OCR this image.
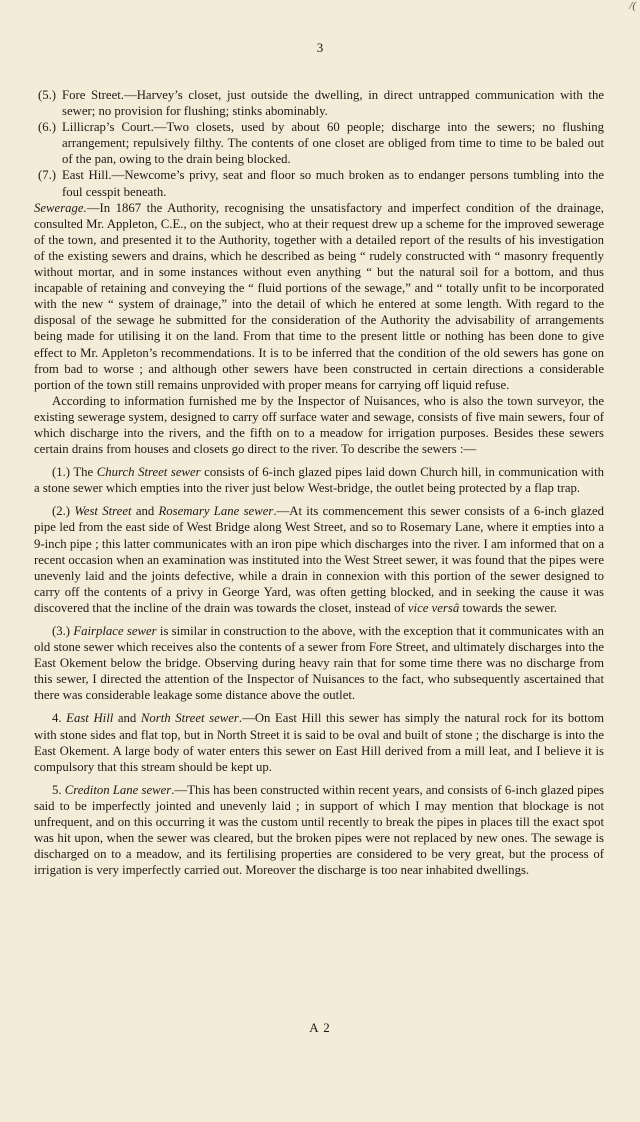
/(
3

(5.) Fore Street.—Harvey’s closet, just outside the dwelling, in direct untrapped communication with the sewer; no provision for flushing; stinks abominably.

(6.) Lillicrap’s Court.—Two closets, used by about 60 people; discharge into the sewers; no flushing arrangement; repulsively filthy. The contents of one closet are obliged from time to time to be baled out of the pan, owing to the drain being blocked.

(7.) East Hill.—Newcome’s privy, seat and floor so much broken as to endanger persons tumbling into the foul cesspit beneath.

Sewerage.—In 1867 the Authority, recognising the unsatisfactory and imperfect condition of the drainage, consulted Mr. Appleton, C.E., on the subject, who at their request drew up a scheme for the improved sewerage of the town, and presented it to the Authority, together with a detailed report of the results of his investigation of the existing sewers and drains, which he described as being “ rudely constructed with “ masonry frequently without mortar, and in some instances without even anything “ but the natural soil for a bottom, and thus incapable of retaining and conveying the “ fluid portions of the sewage,” and “ totally unfit to be incorporated with the new “ system of drainage,” into the detail of which he entered at some length. With regard to the disposal of the sewage he submitted for the consideration of the Authority the advisability of arrangements being made for utilising it on the land. From that time to the present little or nothing has been done to give effect to Mr. Appleton’s recommendations. It is to be inferred that the condition of the old sewers has gone on from bad to worse ; and although other sewers have been constructed in certain directions a considerable portion of the town still remains unprovided with proper means for carrying off liquid refuse.

According to information furnished me by the Inspector of Nuisances, who is also the town surveyor, the existing sewerage system, designed to carry off surface water and sewage, consists of five main sewers, four of which discharge into the rivers, and the fifth on to a meadow for irrigation purposes. Besides these sewers certain drains from houses and closets go direct to the river. To describe the sewers :—

(1.) The Church Street sewer consists of 6-inch glazed pipes laid down Church hill, in communication with a stone sewer which empties into the river just below West-bridge, the outlet being protected by a flap trap.

(2.) West Street and Rosemary Lane sewer.—At its commencement this sewer consists of a 6-inch glazed pipe led from the east side of West Bridge along West Street, and so to Rosemary Lane, where it empties into a 9-inch pipe ; this latter communicates with an iron pipe which discharges into the river. I am informed that on a recent occasion when an examination was instituted into the West Street sewer, it was found that the pipes were unevenly laid and the joints defective, while a drain in connexion with this portion of the sewer designed to carry off the contents of a privy in George Yard, was often getting blocked, and in seeking the cause it was discovered that the incline of the drain was towards the closet, instead of vice versâ towards the sewer.

(3.) Fairplace sewer is similar in construction to the above, with the exception that it communicates with an old stone sewer which receives also the contents of a sewer from Fore Street, and ultimately discharges into the East Okement below the bridge. Observing during heavy rain that for some time there was no discharge from this sewer, I directed the attention of the Inspector of Nuisances to the fact, who subsequently ascertained that there was considerable leakage some distance above the outlet.

4. East Hill and North Street sewer.—On East Hill this sewer has simply the natural rock for its bottom with stone sides and flat top, but in North Street it is said to be oval and built of stone ; the discharge is into the East Okement. A large body of water enters this sewer on East Hill derived from a mill leat, and I believe it is compulsory that this stream should be kept up.

5. Crediton Lane sewer.—This has been constructed within recent years, and consists of 6-inch glazed pipes said to be imperfectly jointed and unevenly laid ; in support of which I may mention that blockage is not unfrequent, and on this occurring it was the custom until recently to break the pipes in places till the exact spot was hit upon, when the sewer was cleared, but the broken pipes were not replaced by new ones. The sewage is discharged on to a meadow, and its fertilising properties are considered to be very great, but the process of irrigation is very imperfectly carried out. Moreover the discharge is too near inhabited dwellings.

A 2
